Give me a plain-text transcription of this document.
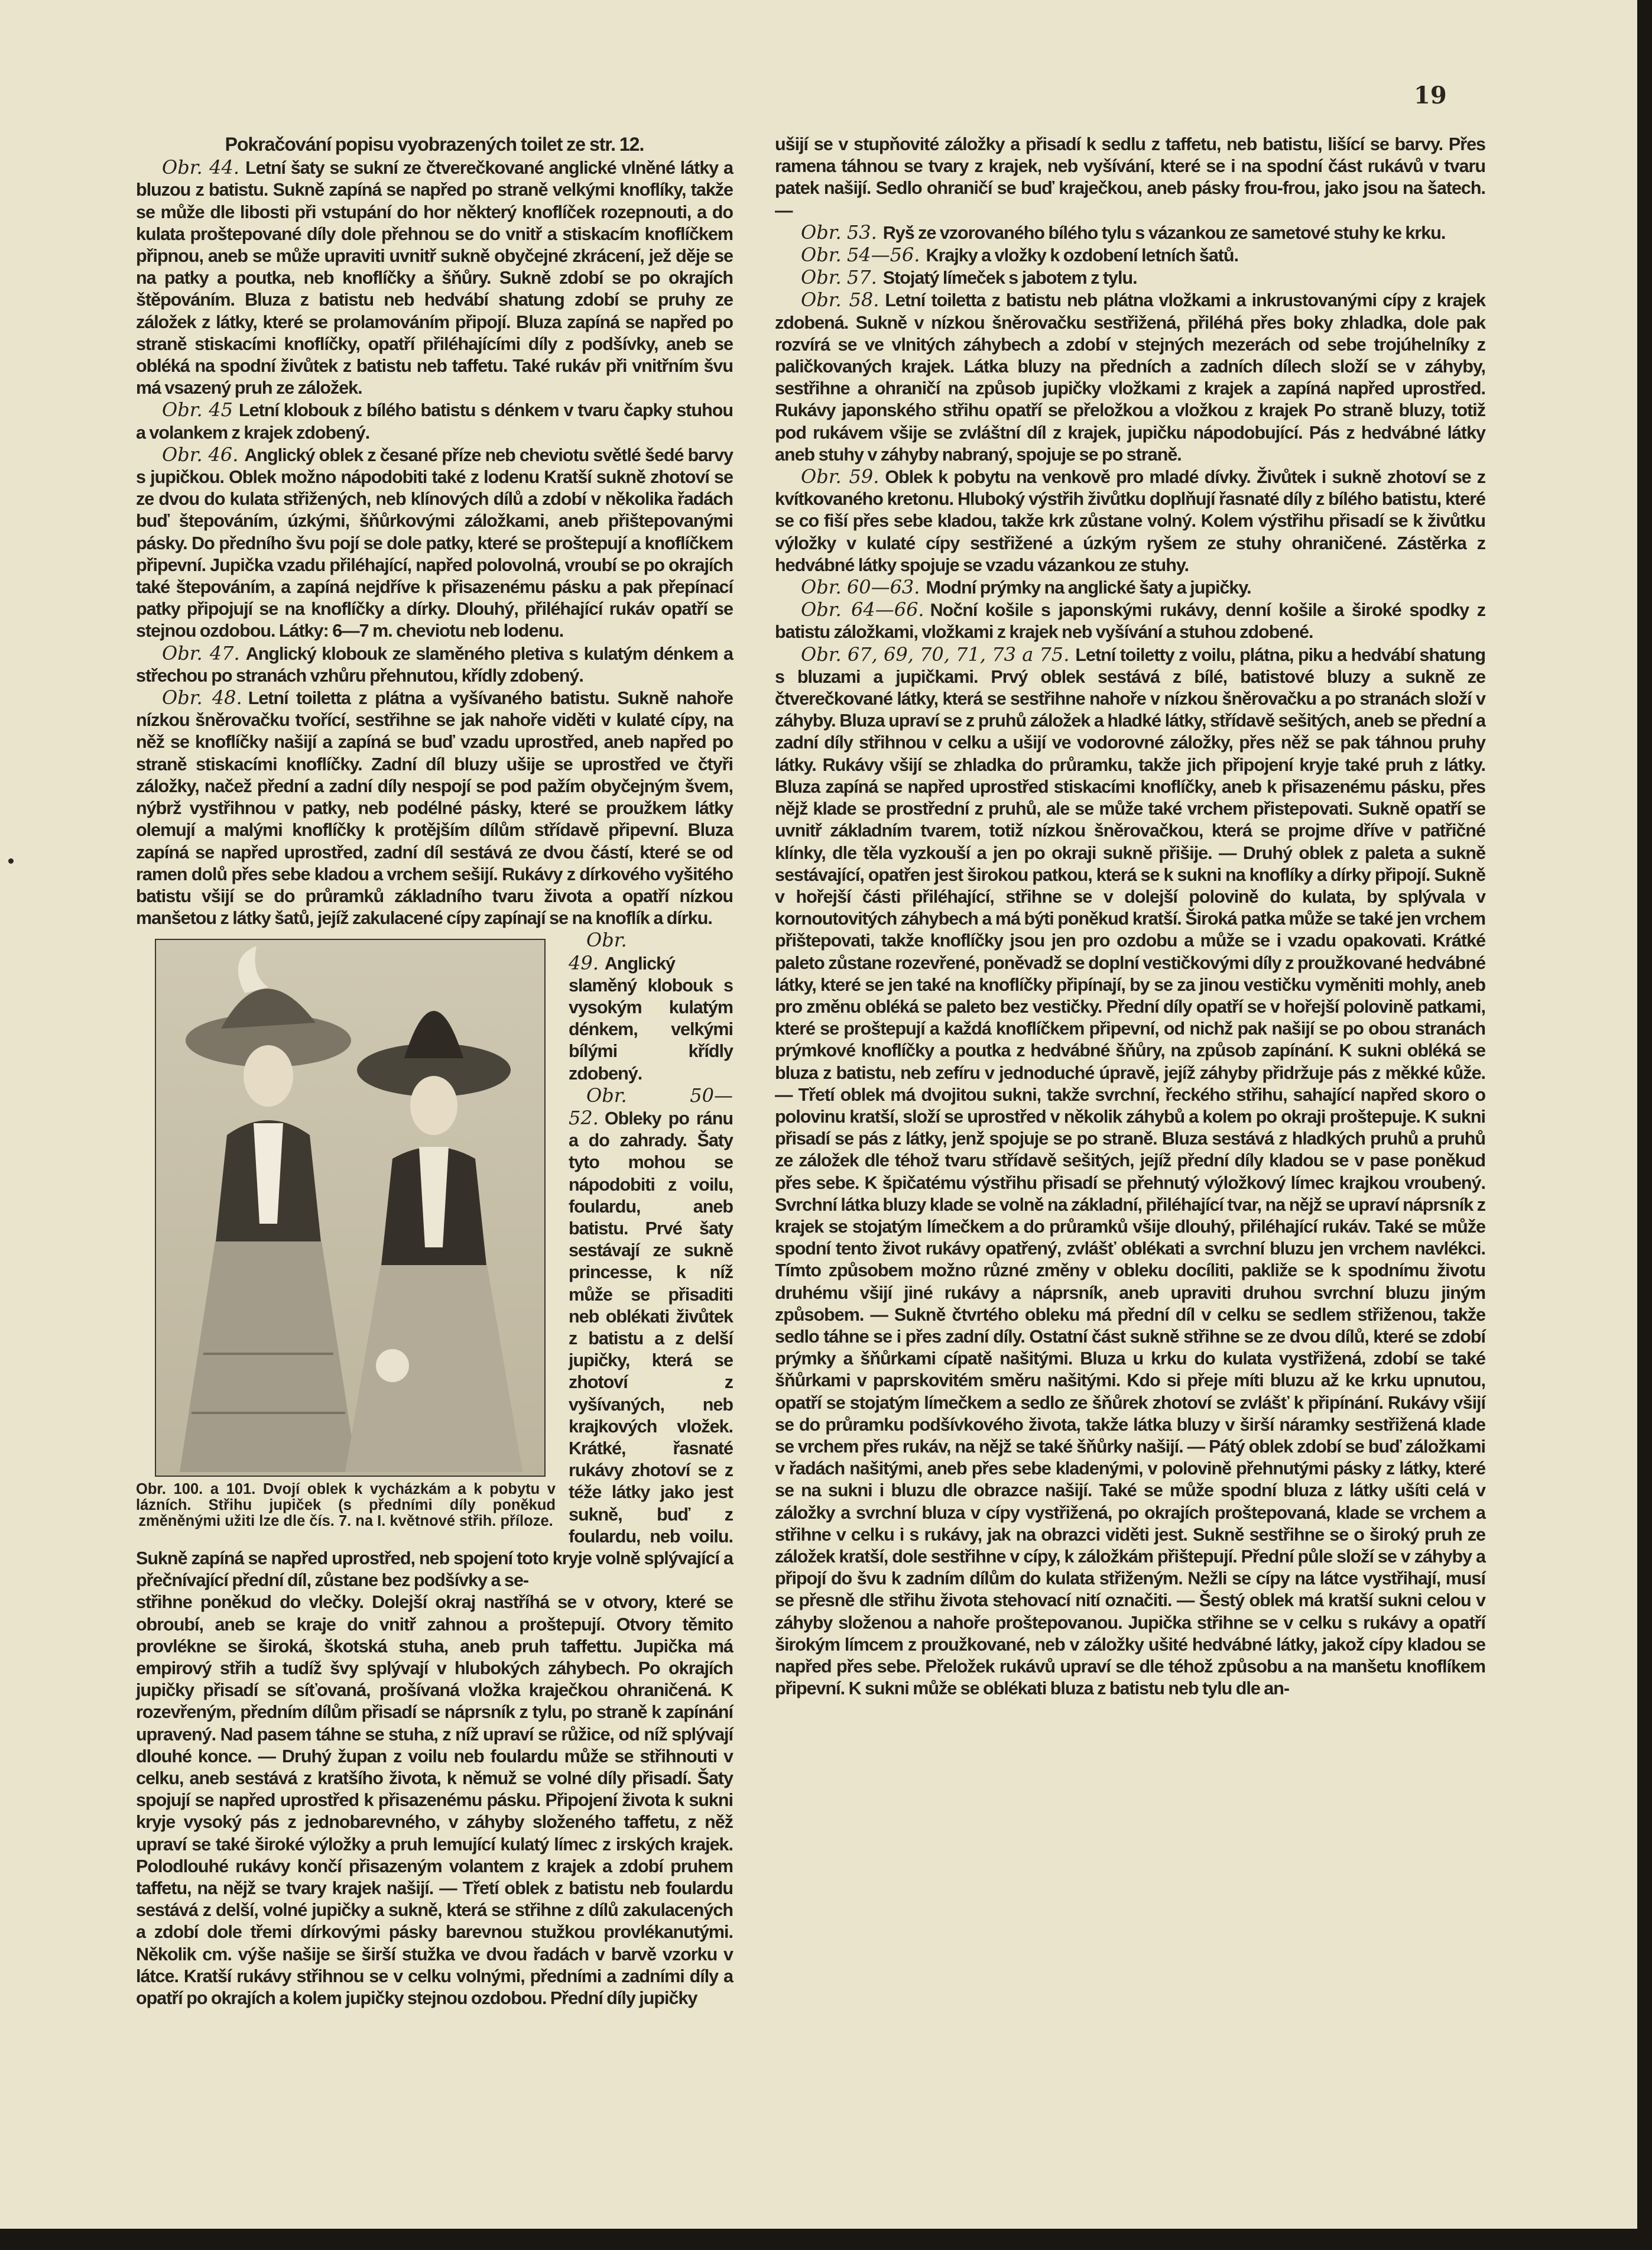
19

Pokračování popisu vyobrazených toilet ze str. 12.

Obr. 44. Letní šaty se sukní ze čtverečkované anglické vlněné látky a bluzou z batistu. Sukně zapíná se napřed po straně velkými knoflíky, takže se může dle libosti při vstupání do hor některý knoflíček rozepnouti, a do kulata proštepované díly dole přehnou se do vnitř a stiskacím knoflíčkem připnou, aneb se může upraviti uvnitř sukně obyčejné zkrácení, jež děje se na patky a poutka, neb knoflíčky a šňůry. Sukně zdobí se po okrajích štěpováním. Bluza z batistu neb hedvábí shatung zdobí se pruhy ze záložek z látky, které se prolamováním připojí. Bluza zapíná se napřed po straně stiskacími knoflíčky, opatří přiléhajícími díly z podšívky, aneb se obléká na spodní živůtek z batistu neb taffetu. Také rukáv při vnitřním švu má vsazený pruh ze záložek.

Obr. 45 Letní klobouk z bílého batistu s dénkem v tvaru čapky stuhou a volankem z krajek zdobený.

Obr. 46. Anglický oblek z česané příze neb cheviotu světlé šedé barvy s jupičkou. Oblek možno nápodobiti také z lodenu Kratší sukně zhotoví se ze dvou do kulata střižených, neb klínových dílů a zdobí v několika řadách buď štepováním, úzkými, šňůrkovými záložkami, aneb přištepovanými pásky. Do předního švu pojí se dole patky, které se proštepují a knoflíčkem připevní. Jupička vzadu přiléhající, napřed polovolná, vroubí se po okrajích také štepováním, a zapíná nejdříve k přisazenému pásku a pak přepínací patky připojují se na knoflíčky a dírky. Dlouhý, přiléhající rukáv opatří se stejnou ozdobou. Látky: 6—7 m. cheviotu neb lodenu.

Obr. 47. Anglický klobouk ze slaměného pletiva s kulatým dénkem a střechou po stranách vzhůru přehnutou, křídly zdobený.

Obr. 48. Letní toiletta z plátna a vyšívaného batistu. Sukně nahoře nízkou šněrovačku tvořící, sestřihne se jak nahoře viděti v kulaté cípy, na něž se knoflíčky našijí a zapíná se buď vzadu uprostřed, aneb napřed po straně stiskacími knoflíčky. Zadní díl bluzy ušije se uprostřed ve čtyři záložky, načež přední a zadní díly nespojí se pod pažím obyčejným švem, nýbrž vystřihnou v patky, neb podélné pásky, které se proužkem látky olemují a malými knoflíčky k protějším dílům střídavě připevní. Bluza zapíná se napřed uprostřed, zadní díl sestává ze dvou částí, které se od ramen dolů přes sebe kladou a vrchem sešijí. Rukávy z dírkového vyšitého batistu všijí se do průramků základního tvaru života a opatří nízkou manšetou z látky šatů, jejíž zakulacené cípy zapínají se na knoflík a dírku.

Obr. 100. a 101. Dvojí oblek k vycházkám a k pobytu v lázních. Střihu jupiček (s předními díly poněkud změněnými užiti lze dle čís. 7. na I. květnové střih. příloze.

Obr. 49. Anglický slaměný klobouk s vysokým kulatým dénkem, velkými bílými křídly zdobený.

Obr. 50—52. Obleky po ránu a do zahrady. Šaty tyto mohou se nápodobiti z voilu, foulardu, aneb batistu. Prvé šaty sestávají ze sukně princesse, k níž může se přisaditi neb oblékati živůtek z batistu a z delší jupičky, která se zhotoví z vyšívaných, neb krajkových vložek. Krátké, řasnaté rukávy zhotoví se z téže látky jako jest sukně, buď z foulardu, neb voilu. Sukně zapíná se napřed uprostřed, neb spojení toto kryje volně splývající a přečnívající přední díl, zůstane bez podšívky a se-

střihne poněkud do vlečky. Dolejší okraj nastříhá se v otvory, které se obroubí, aneb se kraje do vnitř zahnou a proštepují. Otvory těmito provlékne se široká, škotská stuha, aneb pruh taffettu. Jupička má empirový střih a tudíž švy splývají v hlubokých záhybech. Po okrajích jupičky přisadí se síťovaná, prošívaná vložka kraječkou ohraničená. K rozevřeným, předním dílům přisadí se náprsník z tylu, po straně k zapínání upravený. Nad pasem táhne se stuha, z níž upraví se růžice, od níž splývají dlouhé konce. — Druhý župan z voilu neb foulardu může se střihnouti v celku, aneb sestává z kratšího života, k němuž se volné díly přisadí. Šaty spojují se napřed uprostřed k přisazenému pásku. Připojení života k sukni kryje vysoký pás z jednobarevného, v záhyby složeného taffetu, z něž upraví se také široké výložky a pruh lemující kulatý límec z irských krajek. Polodlouhé rukávy končí přisazeným volantem z krajek a zdobí pruhem taffetu, na nějž se tvary krajek našijí. — Třetí oblek z batistu neb foulardu sestává z delší, volné jupičky a sukně, která se střihne z dílů zakulacených a zdobí dole třemi dírkovými pásky barevnou stužkou provlékanutými. Několik cm. výše našije se širší stužka ve dvou řadách v barvě vzorku v látce. Kratší rukávy střihnou se v celku volnými, předními a zadními díly a opatří po okrajích a kolem jupičky stejnou ozdobou. Přední díly jupičky

ušijí se v stupňovité záložky a přisadí k sedlu z taffetu, neb batistu, lišící se barvy. Přes ramena táhnou se tvary z krajek, neb vyšívání, které se i na spodní část rukávů v tvaru patek našijí. Sedlo ohraničí se buď kraječkou, aneb pásky frou-frou, jako jsou na šatech. —

Obr. 53. Ryš ze vzorovaného bílého tylu s vázankou ze sametové stuhy ke krku.

Obr. 54—56. Krajky a vložky k ozdobení letních šatů.

Obr. 57. Stojatý límeček s jabotem z tylu.

Obr. 58. Letní toiletta z batistu neb plátna vložkami a inkrustovanými cípy z krajek zdobená. Sukně v nízkou šněrovačku sestřižená, přiléhá přes boky zhladka, dole pak rozvírá se ve vlnitých záhybech a zdobí v stejných mezerách od sebe trojúhelníky z paličkovaných krajek. Látka bluzy na předních a zadních dílech složí se v záhyby, sestřihne a ohraničí na způsob jupičky vložkami z krajek a zapíná napřed uprostřed. Rukávy japonského střihu opatří se přeložkou a vložkou z krajek Po straně bluzy, totiž pod rukávem všije se zvláštní díl z krajek, jupičku nápodobující. Pás z hedvábné látky aneb stuhy v záhyby nabraný, spojuje se po straně.

Obr. 59. Oblek k pobytu na venkově pro mladé dívky. Živůtek i sukně zhotoví se z kvítkovaného kretonu. Hluboký výstřih živůtku doplňují řasnaté díly z bílého batistu, které se co fiší přes sebe kladou, takže krk zůstane volný. Kolem výstřihu přisadí se k živůtku výložky v kulaté cípy sestřižené a úzkým ryšem ze stuhy ohraničené. Zástěrka z hedvábné látky spojuje se vzadu vázankou ze stuhy.

Obr. 60—63. Modní prýmky na anglické šaty a jupičky.

Obr. 64—66. Noční košile s japonskými rukávy, denní košile a široké spodky z batistu záložkami, vložkami z krajek neb vyšívání a stuhou zdobené.

Obr. 67, 69, 70, 71, 73 a 75. Letní toiletty z voilu, plátna, piku a hedvábí shatung s bluzami a jupičkami. Prvý oblek sestává z bílé, batistové bluzy a sukně ze čtverečkované látky, která se sestřihne nahoře v nízkou šněrovačku a po stranách složí v záhyby. Bluza upraví se z pruhů záložek a hladké látky, střídavě sešitých, aneb se přední a zadní díly střihnou v celku a ušijí ve vodorovné záložky, přes něž se pak táhnou pruhy látky. Rukávy všijí se zhladka do průramku, takže jich připojení kryje také pruh z látky. Bluza zapíná se napřed uprostřed stiskacími knoflíčky, aneb k přisazenému pásku, přes nějž klade se prostřední z pruhů, ale se může také vrchem přistepovati. Sukně opatří se uvnitř základním tvarem, totiž nízkou šněrovačkou, která se projme dříve v patřičné klínky, dle těla vyzkouší a jen po okraji sukně přišije. — Druhý oblek z paleta a sukně sestávající, opatřen jest širokou patkou, která se k sukni na knoflíky a dírky připojí. Sukně v hořejší části přiléhající, střihne se v dolejší polovině do kulata, by splývala v kornoutovitých záhybech a má býti poněkud kratší. Široká patka může se také jen vrchem přištepovati, takže knoflíčky jsou jen pro ozdobu a může se i vzadu opakovati. Krátké paleto zůstane rozevřené, poněvadž se doplní vestičkovými díly z proužkované hedvábné látky, které se jen také na knoflíčky připínají, by se za jinou vestičku vyměniti mohly, aneb pro změnu obléká se paleto bez vestičky. Přední díly opatří se v hořejší polovině patkami, které se proštepují a každá knoflíčkem připevní, od nichž pak našijí se po obou stranách prýmkové knoflíčky a poutka z hedvábné šňůry, na způsob zapínání. K sukni obléká se bluza z batistu, neb zefíru v jednoduché úpravě, jejíž záhyby přidržuje pás z měkké kůže. — Třetí oblek má dvojitou sukni, takže svrchní, řeckého střihu, sahající napřed skoro o polovinu kratší, složí se uprostřed v několik záhybů a kolem po okraji proštepuje. K sukni přisadí se pás z látky, jenž spojuje se po straně. Bluza sestává z hladkých pruhů a pruhů ze záložek dle téhož tvaru střídavě sešitých, jejíž přední díly kladou se v pase poněkud přes sebe. K špičatému výstřihu přisadí se přehnutý výložkový límec krajkou vroubený. Svrchní látka bluzy klade se volně na základní, přiléhající tvar, na nějž se upraví náprsník z krajek se stojatým límečkem a do průramků všije dlouhý, přiléhající rukáv. Také se může spodní tento život rukávy opatřený, zvlášť oblékati a svrchní bluzu jen vrchem navlékci. Tímto způsobem možno různé změny v obleku docíliti, pakliže se k spodnímu životu druhému všijí jiné rukávy a náprsník, aneb upraviti druhou svrchní bluzu jiným způsobem. — Sukně čtvrtého obleku má přední díl v celku se sedlem střiženou, takže sedlo táhne se i přes zadní díly. Ostatní část sukně střihne se ze dvou dílů, které se zdobí prýmky a šňůrkami cípatě našitými. Bluza u krku do kulata vystřižená, zdobí se také šňůrkami v paprskovitém směru našitými. Kdo si přeje míti bluzu až ke krku upnutou, opatří se stojatým límečkem a sedlo ze šňůrek zhotoví se zvlášť k připínání. Rukávy všijí se do průramku podšívkového života, takže látka bluzy v širší náramky sestřižená klade se vrchem přes rukáv, na nějž se také šňůrky našijí. — Pátý oblek zdobí se buď záložkami v řadách našitými, aneb přes sebe kladenými, v polovině přehnutými pásky z látky, které se na sukni i bluzu dle obrazce našijí. Také se může spodní bluza z látky ušíti celá v záložky a svrchní bluza v cípy vystřižená, po okrajích proštepovaná, klade se vrchem a střihne v celku i s rukávy, jak na obrazci viděti jest. Sukně sestřihne se o široký pruh ze záložek kratší, dole sestřihne v cípy, k záložkám přištepují. Přední půle složí se v záhyby a připojí do švu k zadním dílům do kulata střiženým. Nežli se cípy na látce vystřihají, musí se přesně dle střihu života stehovací nití označiti. — Šestý oblek má kratší sukni celou v záhyby složenou a nahoře proštepovanou. Jupička střihne se v celku s rukávy a opatří širokým límcem z proužkované, neb v záložky ušité hedvábné látky, jakož cípy kladou se napřed přes sebe. Přeložek rukávů upraví se dle téhož způsobu a na manšetu knoflíkem připevní. K sukni může se oblékati bluza z batistu neb tylu dle an-
